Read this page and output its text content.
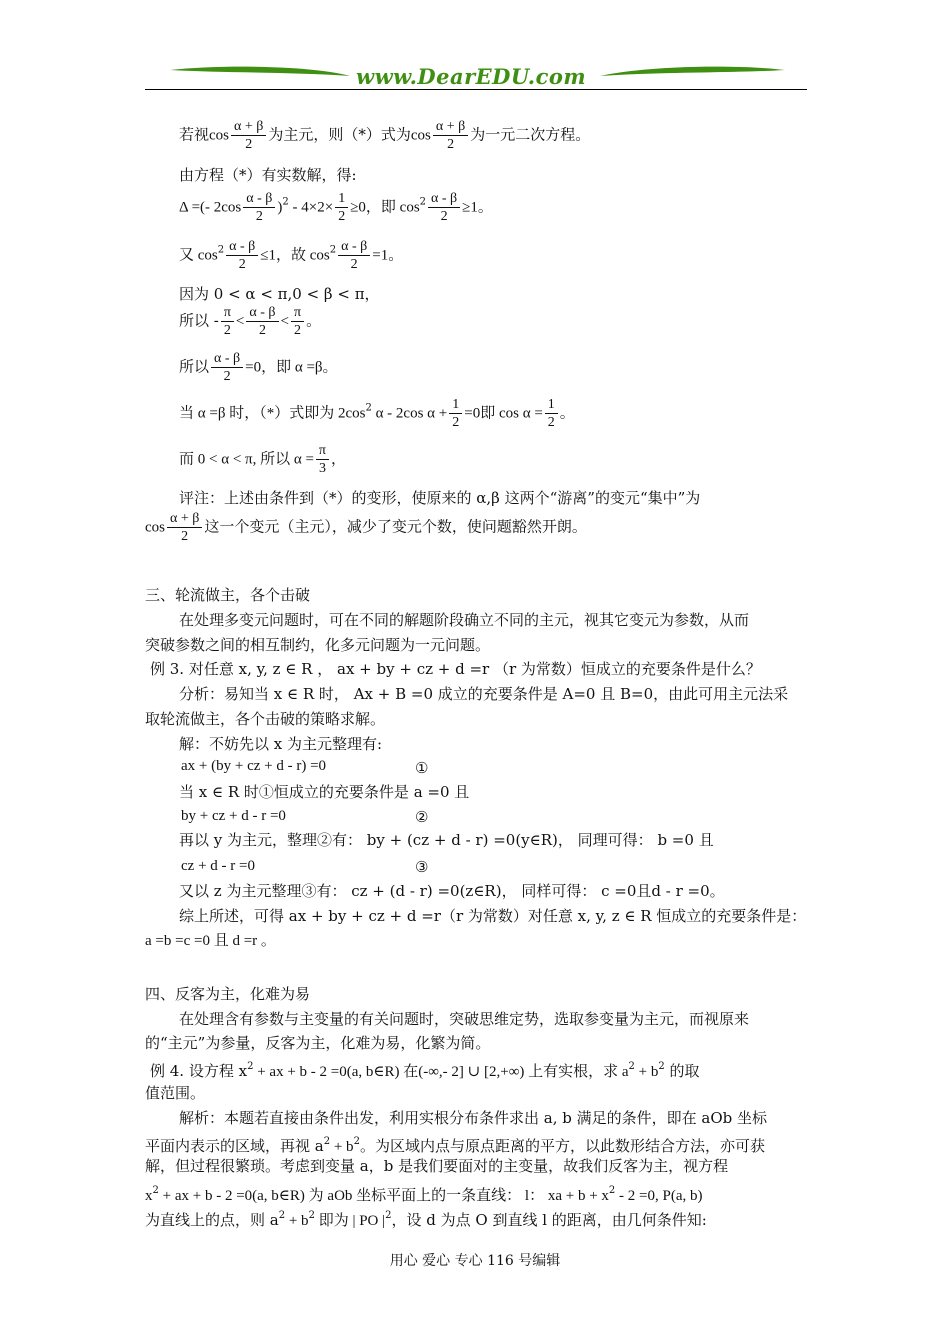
www.DearEDU.com
若视$\cos \frac{\alpha + \beta}{2}$ 为主元，则（*）式为$\cos \frac{\alpha + \beta}{2}$ 为一元二次方程。
由方程（*）有实数解，得:
Δ =(- $2\cos \frac{\alpha - \beta}{2} )^2 - 4\times 2\times \frac{1}{2} \ge 0$，即 $\cos^2 \frac{\alpha - \beta}{2} \ge 1$。
又 $\cos^2 \frac{\alpha - \beta}{2} \le 1$，故 $\cos^2 \frac{\alpha - \beta}{2} =1$。
因为 0 < α < π,0 < β < π，
所以 - $\frac{\pi}{2} < \frac{\alpha - \beta}{2} < \frac{\pi}{2}$ 。
所以 $\frac{\alpha - \beta}{2} =0$，即 α =β。
当 α =β 时，（*）式即为 $2\cos^2$ α - 2cos $\alpha + \frac{1}{2} =0$即 $\cos \alpha = \frac{1}{2}$ 。
而 0 < α < π, 所以 $\alpha = \frac{\pi}{3}$ ，
评注：上述由条件到（*）的变形，使原来的 α,β 这两个“游离”的变元“集中”为
$\cos \frac{\alpha + \beta}{2}$ 这一个变元（主元），减少了变元个数，使问题豁然开朗。
三、轮流做主，各个击破
在处理多变元问题时，可在不同的解题阶段确立不同的主元，视其它变元为参数，从而
突破参数之间的相互制约，化多元问题为一元问题。
例 3. 对任意 x, y, z ∈ R ， ax + by + cz + d =r （r 为常数）恒成立的充要条件是什么？
分析：易知当 x ∈ R 时， Ax + B =0 成立的充要条件是 A=0 且 B=0，由此可用主元法采
取轮流做主，各个击破的策略求解。
解：不妨先以 x 为主元整理有:
ax + (by + cz + d - r) =0	①
当 x ∈ R 时①恒成立的充要条件是 a =0 且
by + cz + d - r =0	②
再以 y 为主元，整理②有： by + (cz + d - r) =0(y∈R)， 同理可得： b =0 且
cz + d - r =0	③
又以 z 为主元整理③有： cz + (d - r) =0(z∈R)， 同样可得： c =0且d - r =0。
综上所述，可得 ax + by + cz + d =r（r 为常数）对任意 x, y, z ∈ R 恒成立的充要条件是：
a =b =c =0 且 d =r 。
四、反客为主，化难为易
在处理含有参数与主变量的有关问题时，突破思维定势，选取参变量为主元，而视原来
的“主元”为参量，反客为主，化难为易，化繁为简。
例 4. 设方程 $x^2$ + ax + b - 2 =0(a, b∈R) 在(-∞,- 2] ∪ [2,+∞) 上有实根，求 $a^2 + b^2$ 的取
值范围。
解析：本题若直接由条件出发，利用实根分布条件求出 a, b 满足的条件，即在 aOb 坐标
平面内表示的区域，再视 $a^2 + b^2$。为区域内点与原点距离的平方，以此数形结合方法，亦可获
解，但过程很繁琐。考虑到变量 a，b 是我们要面对的主变量，故我们反客为主，视方程
$x^2$ + ax + b - 2 =0(a, b∈R) 为 aOb 坐标平面上的一条直线： l： xa + $b + x^2 - 2 =0$, P(a, b)
为直线上的点，则 $a^2 + b^2$ 即为 | PO $|^2$，设 d 为点 O 到直线 l 的距离，由几何条件知:
用心 爱心 专心 116 号编辑
